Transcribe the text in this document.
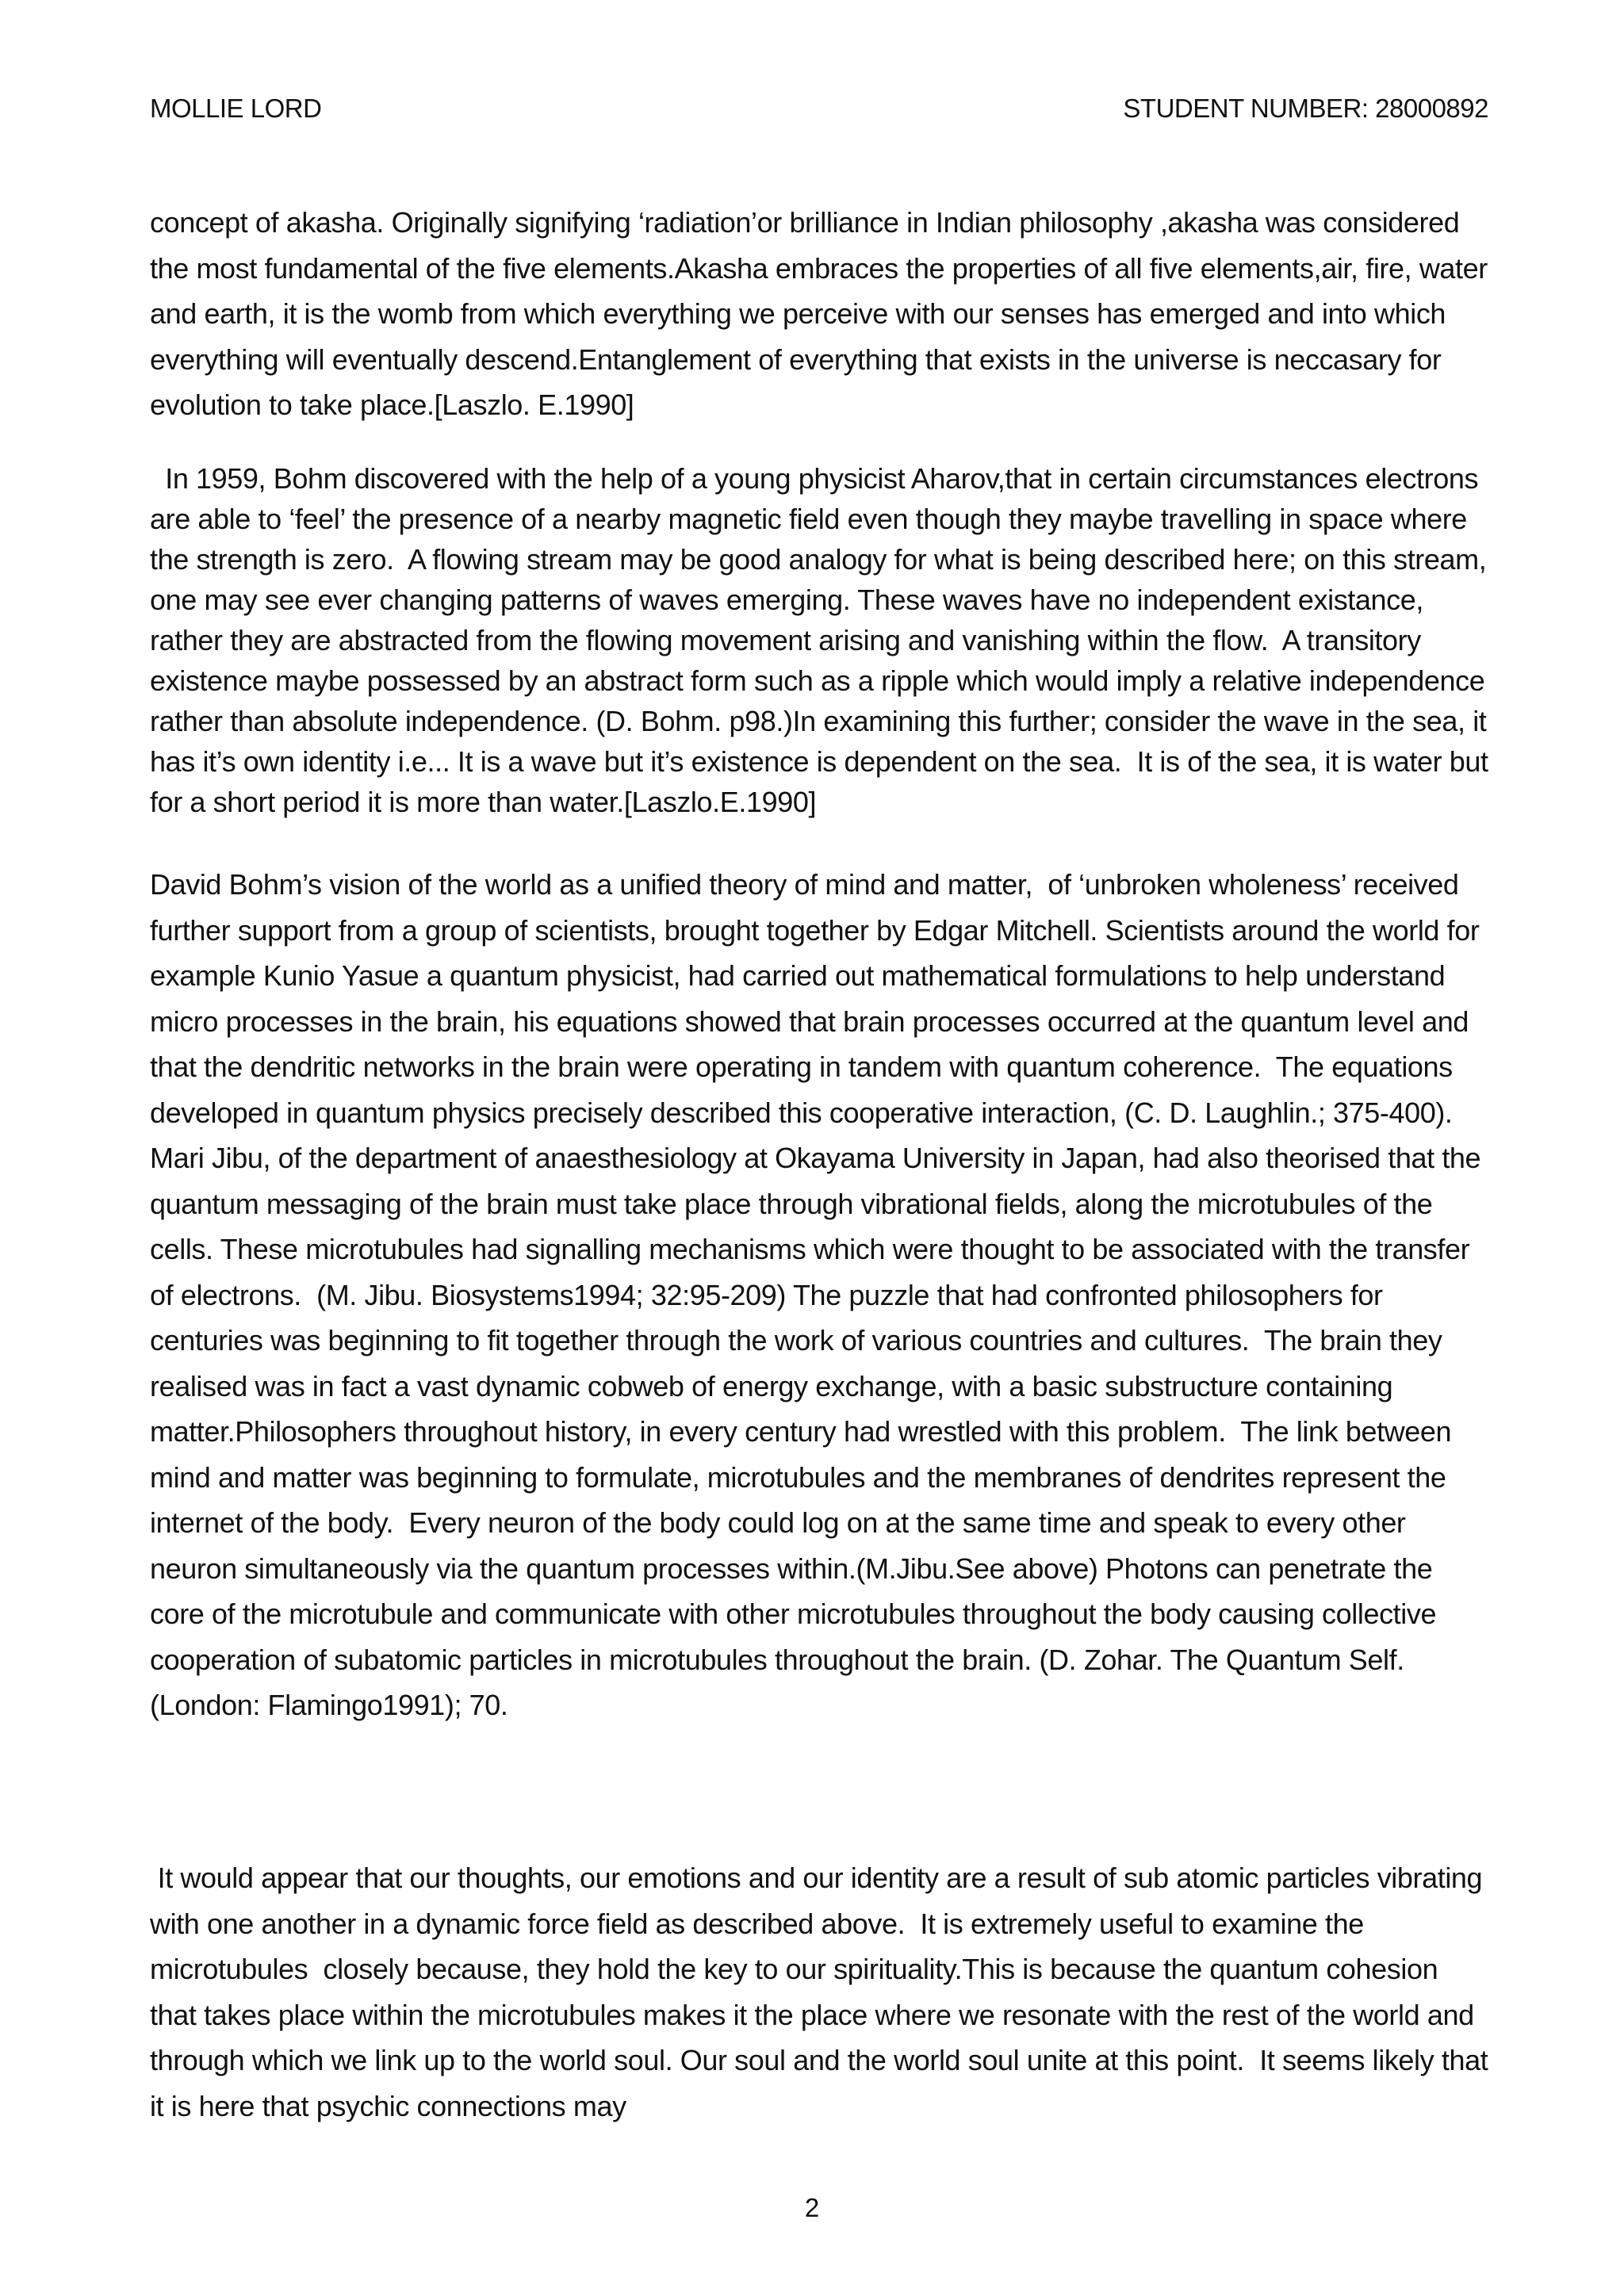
MOLLIE LORD	STUDENT NUMBER: 28000892

concept of akasha. Originally signifying ‘radiation’or brilliance in Indian philosophy ,akasha was considered the most fundamental of the five elements.Akasha embraces the properties of all five elements,air, fire, water and earth, it is the womb from which everything we perceive with our senses has emerged and into which everything will eventually descend.Entanglement of everything that exists in the universe is neccasary for evolution to take place.[Laszlo. E.1990]

In 1959, Bohm discovered with the help of a young physicist Aharov,that in certain circumstances electrons are able to ‘feel’ the presence of a nearby magnetic field even though they maybe travelling in space where the strength is zero.  A flowing stream may be good analogy for what is being described here; on this stream, one may see ever changing patterns of waves emerging. These waves have no independent existance, rather they are abstracted from the flowing movement arising and vanishing within the flow.  A transitory existence maybe possessed by an abstract form such as a ripple which would imply a relative independence rather than absolute independence. (D. Bohm. p98.)In examining this further; consider the wave in the sea, it has it’s own identity i.e... It is a wave but it’s existence is dependent on the sea.  It is of the sea, it is water but for a short period it is more than water.[Laszlo.E.1990]

David Bohm’s vision of the world as a unified theory of mind and matter,  of ‘unbroken wholeness’ received further support from a group of scientists, brought together by Edgar Mitchell. Scientists around the world for example Kunio Yasue a quantum physicist, had carried out mathematical formulations to help understand micro processes in the brain, his equations showed that brain processes occurred at the quantum level and that the dendritic networks in the brain were operating in tandem with quantum coherence.  The equations developed in quantum physics precisely described this cooperative interaction, (C. D. Laughlin.; 375-400). Mari Jibu, of the department of anaesthesiology at Okayama University in Japan, had also theorised that the quantum messaging of the brain must take place through vibrational fields, along the microtubules of the cells. These microtubules had signalling mechanisms which were thought to be associated with the transfer of electrons.  (M. Jibu. Biosystems1994; 32:95-209) The puzzle that had confronted philosophers for centuries was beginning to fit together through the work of various countries and cultures.  The brain they realised was in fact a vast dynamic cobweb of energy exchange, with a basic substructure containing matter.Philosophers throughout history, in every century had wrestled with this problem.  The link between mind and matter was beginning to formulate, microtubules and the membranes of dendrites represent the internet of the body.  Every neuron of the body could log on at the same time and speak to every other neuron simultaneously via the quantum processes within.(M.Jibu.See above) Photons can penetrate the core of the microtubule and communicate with other microtubules throughout the body causing collective cooperation of subatomic particles in microtubules throughout the brain. (D. Zohar. The Quantum Self. (London: Flamingo1991); 70.

It would appear that our thoughts, our emotions and our identity are a result of sub atomic particles vibrating with one another in a dynamic force field as described above.  It is extremely useful to examine the microtubules  closely because, they hold the key to our spirituality.This is because the quantum cohesion that takes place within the microtubules makes it the place where we resonate with the rest of the world and through which we link up to the world soul. Our soul and the world soul unite at this point.  It seems likely that it is here that psychic connections may

2
